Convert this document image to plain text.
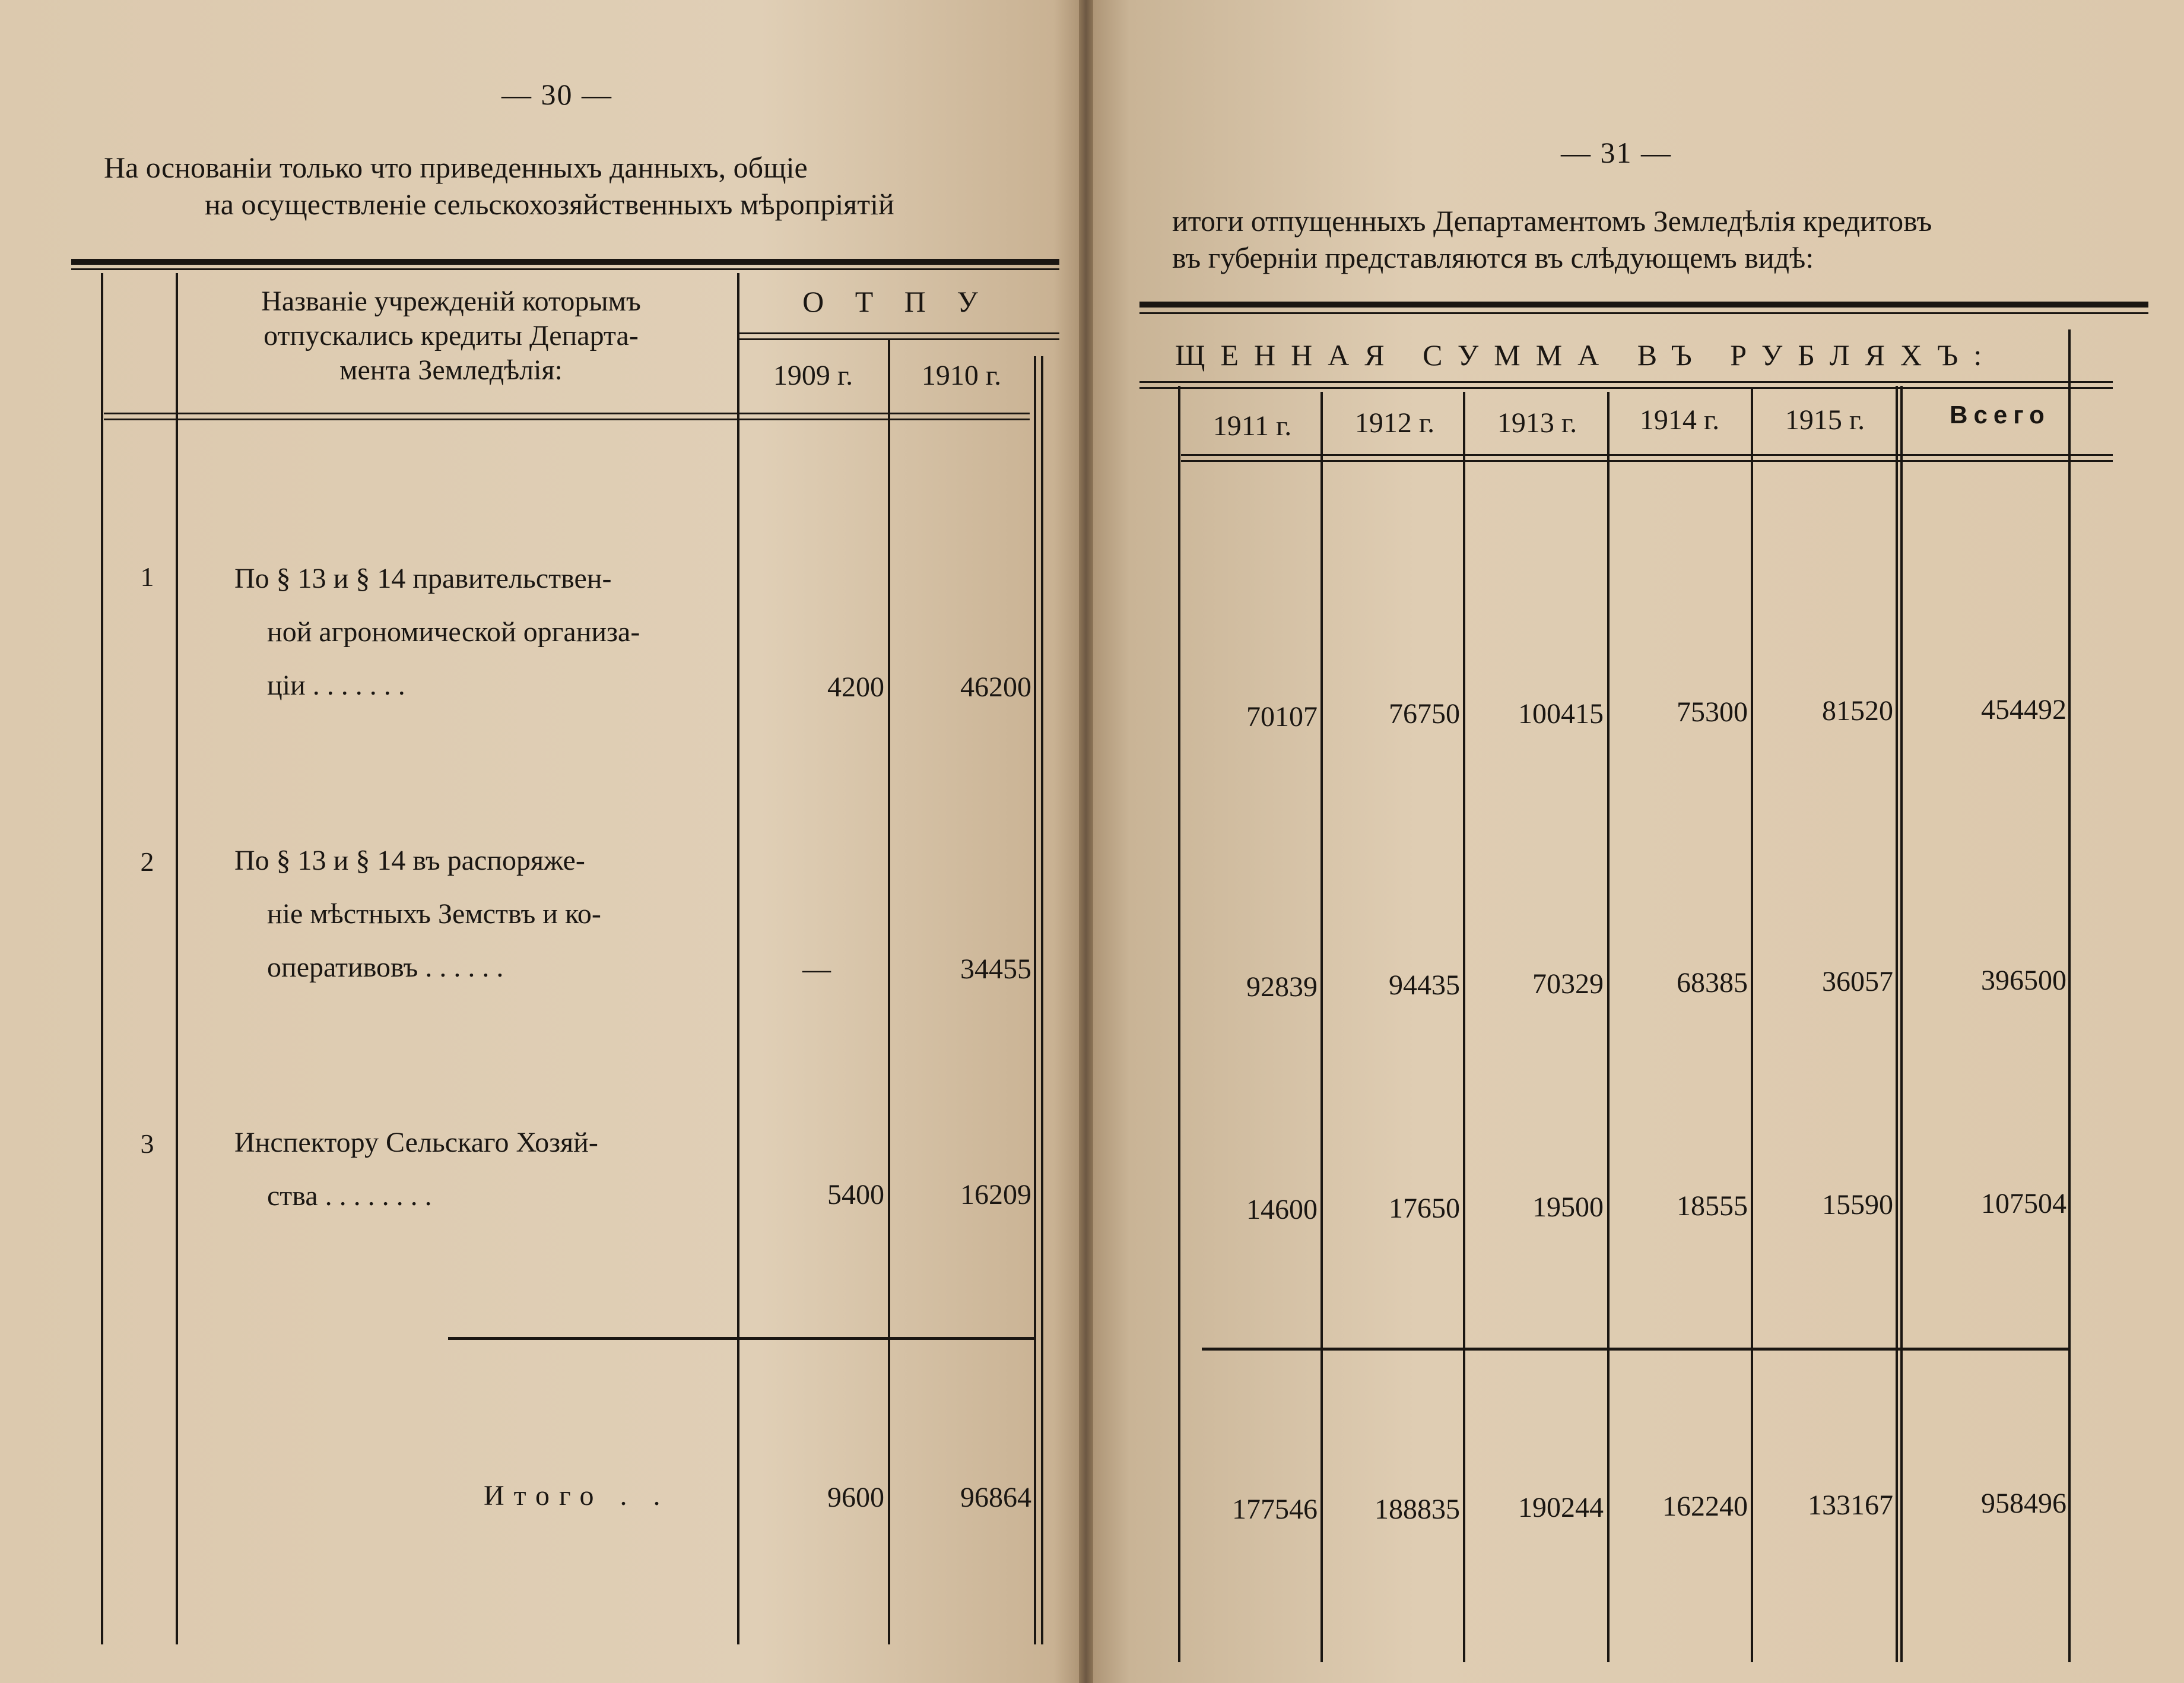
— 30 —
На основанiи только что приведенныхъ данныхъ, общiе
на осуществленiе сельскохозяйственныхъ мѣропрiятiй
Названiе учрежденiй которымъ
отпускались кредиты Департа-
мента Земледѣлiя:
О Т П У
1909 г.	1910 г.
1	По § 13 и § 14 правительствен-
ной агрономической организа-
цiи . . . . . . .	4200	46200
2	По § 13 и § 14 въ распоряже-
нiе мѣстныхъ Земствъ и ко-
оперативовъ . . . . . .	—	34455
3	Инспектору Сельскаго Хозяй-
ства . . . . . . . .	5400	16209
Итого . .	9600	96864
— 31 —
итоги отпущенныхъ Департаментомъ Земледѣлiя кредитовъ
въ губернiи представляются въ слѣдующемъ видѣ:
ЩЕННАЯ СУММА ВЪ РУБЛЯХЪ:
1911 г.	1912 г.	1913 г.	1914 г.	1915 г.	Всего
70107	76750	100415	75300	81520	454492
92839	94435	70329	68385	36057	396500
14600	17650	19500	18555	15590	107504
177546	188835	190244	162240	133167	958496
